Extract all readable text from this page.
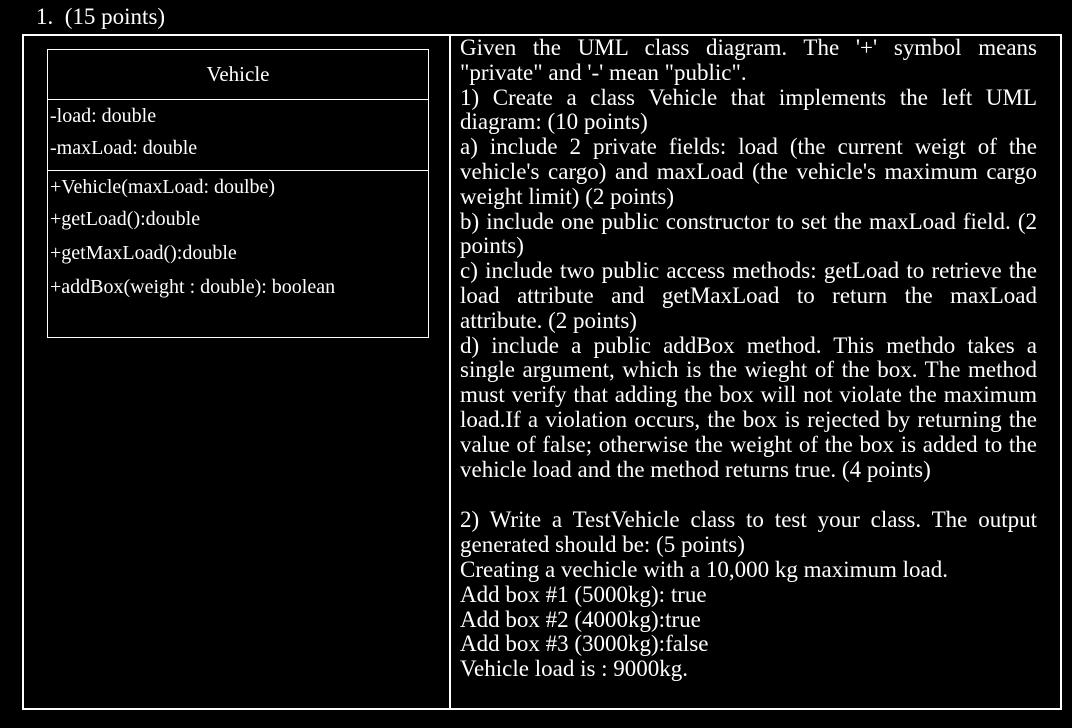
1. (15 points)
Vehicle
-load: double
-maxLoad: double
+Vehicle(maxLoad: doulbe)
+getLoad():double
+getMaxLoad():double
+addBox(weight : double): boolean

Given the UML class diagram. The '+' symbol means "private" and '-' mean "public".

1) Create a class Vehicle that implements the left UML diagram: (10 points)

a) include 2 private fields: load (the current weigt of the vehicle's cargo) and maxLoad (the vehicle's maximum cargo weight limit) (2 points)

b) include one public constructor to set the maxLoad field. (2 points)

c) include two public access methods: getLoad to retrieve the load attribute and getMaxLoad to return the maxLoad attribute. (2 points)

d) include a public addBox method. This methdo takes a single argument, which is the wieght of the box. The method must verify that adding the box will not violate the maximum load.If a violation occurs, the box is rejected by returning the value of false; otherwise the weight of the box is added to the vehicle load and the method returns true. (4 points)

2) Write a TestVehicle class to test your class. The output generated should be: (5 points)

Creating a vechicle with a 10,000 kg maximum load.

Add box #1 (5000kg): true

Add box #2 (4000kg):true

Add box #3 (3000kg):false

Vehicle load is : 9000kg.
